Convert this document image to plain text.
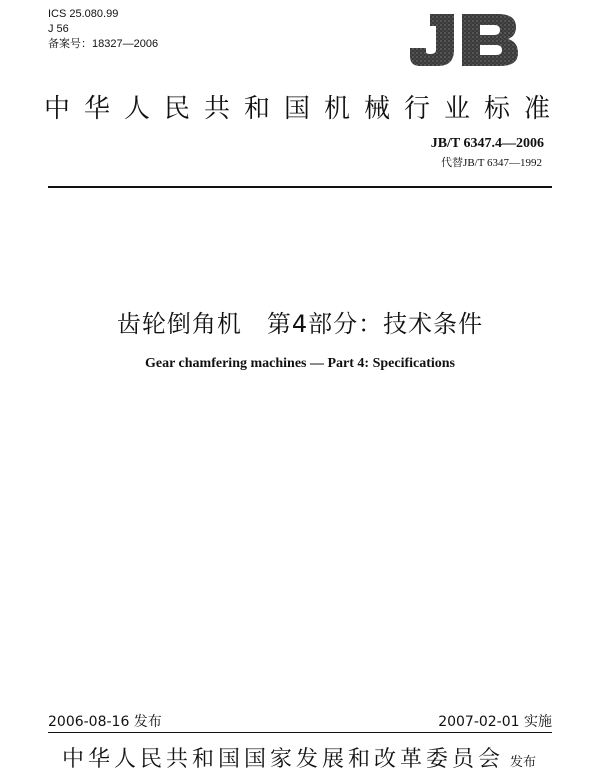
ICS 25.080.99
J 56
备案号：18327—2006
JB
中华人民共和国机械行业标准
JB/T 6347.4—2006
代替JB/T 6347—1992
齿轮倒角机　第4部分：技术条件
Gear chamfering machines — Part 4: Specifications
2006-08-16 发布	2007-02-01 实施
中华人民共和国国家发展和改革委员会 发布
